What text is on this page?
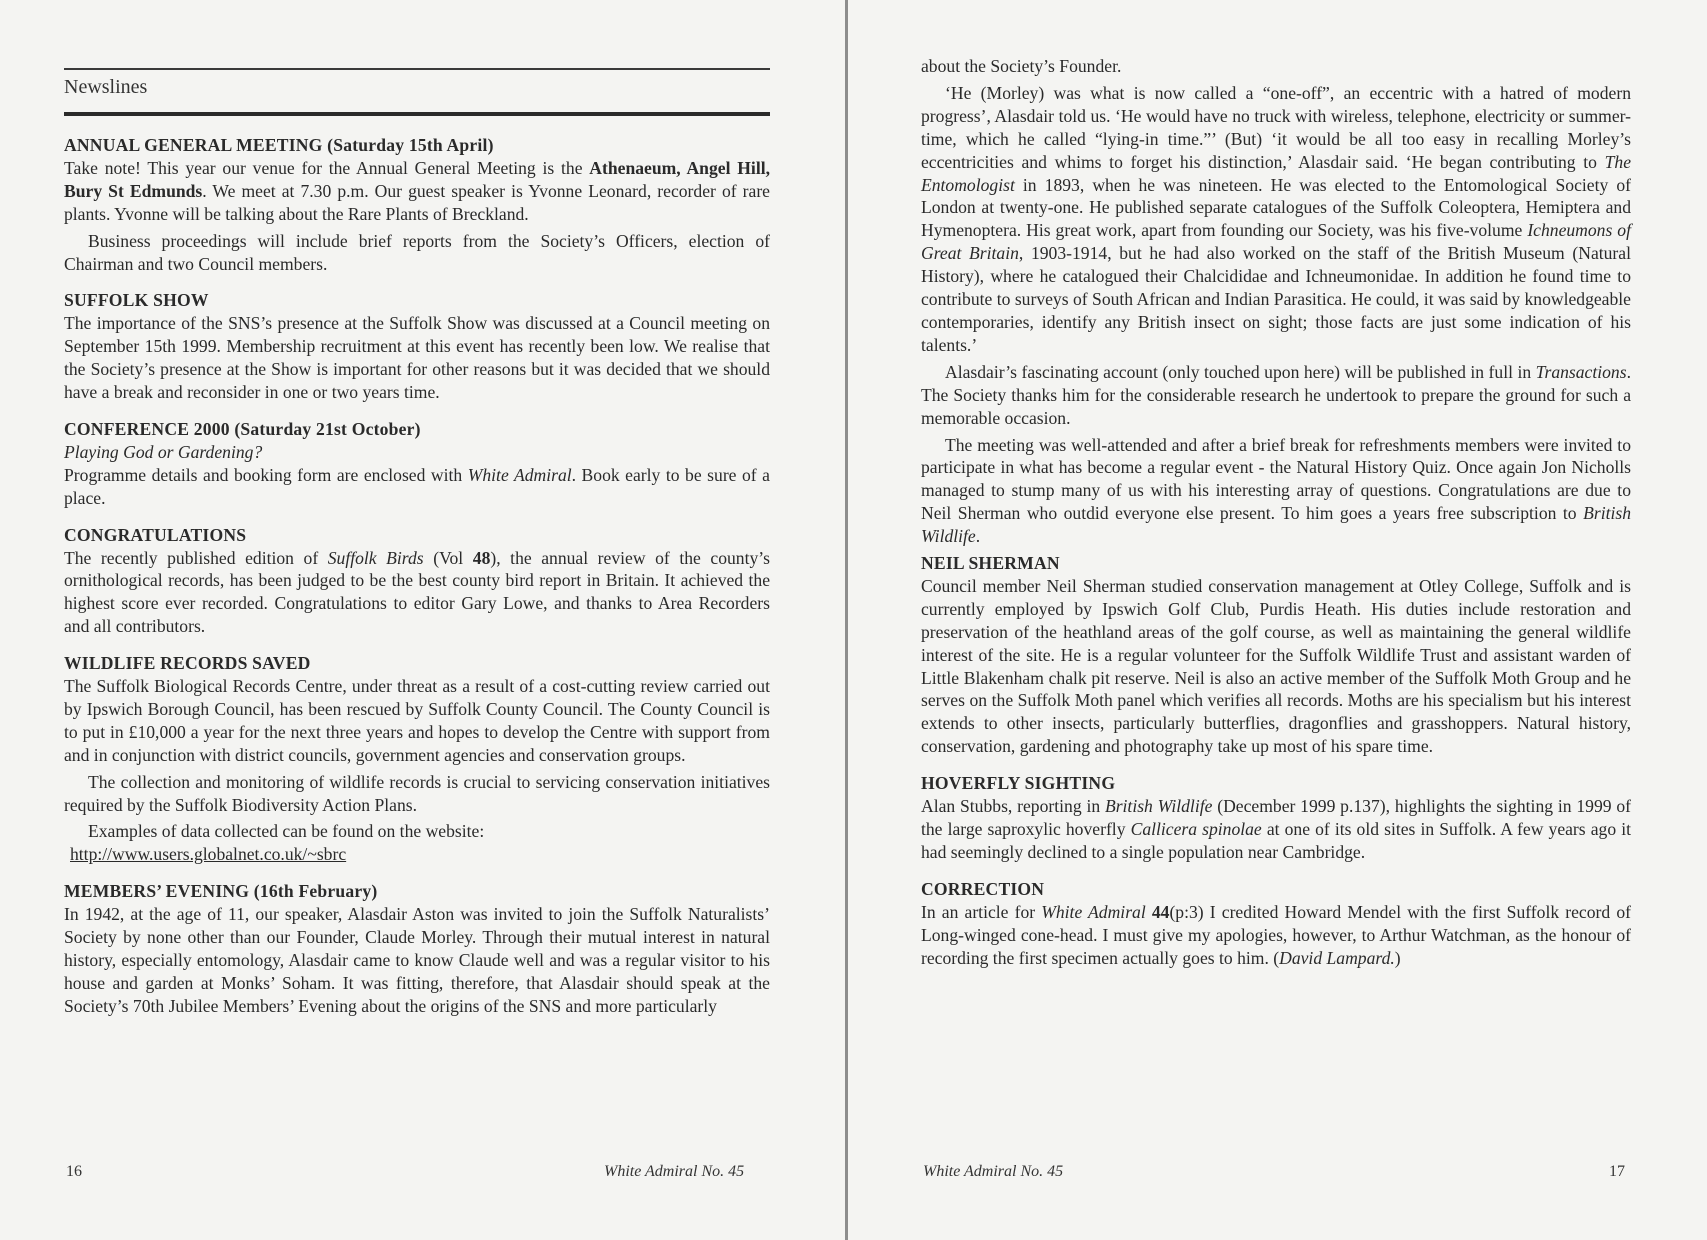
Newslines
ANNUAL GENERAL MEETING (Saturday 15th April)

Take note! This year our venue for the Annual General Meeting is the Athenaeum, Angel Hill, Bury St Edmunds. We meet at 7.30 p.m. Our guest speaker is Yvonne Leonard, recorder of rare plants. Yvonne will be talking about the Rare Plants of Breckland.

Business proceedings will include brief reports from the Society’s Officers, election of Chairman and two Council members.

SUFFOLK SHOW

The importance of the SNS’s presence at the Suffolk Show was discussed at a Council meeting on September 15th 1999. Membership recruitment at this event has recently been low. We realise that the Society’s presence at the Show is important for other reasons but it was decided that we should have a break and reconsider in one or two years time.

CONFERENCE 2000 (Saturday 21st October)

Playing God or Gardening?

Programme details and booking form are enclosed with White Admiral. Book early to be sure of a place.

CONGRATULATIONS

The recently published edition of Suffolk Birds (Vol 48), the annual review of the county’s ornithological records, has been judged to be the best county bird report in Britain. It achieved the highest score ever recorded. Congratulations to editor Gary Lowe, and thanks to Area Recorders and all contributors.

WILDLIFE RECORDS SAVED

The Suffolk Biological Records Centre, under threat as a result of a cost-cutting review carried out by Ipswich Borough Council, has been rescued by Suffolk County Council. The County Council is to put in £10,000 a year for the next three years and hopes to develop the Centre with support from and in conjunction with district councils, government agencies and conservation groups.

The collection and monitoring of wildlife records is crucial to servicing conservation initiatives required by the Suffolk Biodiversity Action Plans.

Examples of data collected can be found on the website:

http://www.users.globalnet.co.uk/~sbrc
MEMBERS’ EVENING (16th February)

In 1942, at the age of 11, our speaker, Alasdair Aston was invited to join the Suffolk Naturalists’ Society by none other than our Founder, Claude Morley. Through their mutual interest in natural history, especially entomology, Alasdair came to know Claude well and was a regular visitor to his house and garden at Monks’ Soham. It was fitting, therefore, that Alasdair should speak at the Society’s 70th Jubilee Members’ Evening about the origins of the SNS and more particularly

16	White Admiral No. 45

about the Society’s Founder.

‘He (Morley) was what is now called a “one-off”, an eccentric with a hatred of modern progress’, Alasdair told us. ‘He would have no truck with wireless, telephone, electricity or summer-time, which he called “lying-in time.”’ (But) ‘it would be all too easy in recalling Morley’s eccentricities and whims to forget his distinction,’ Alasdair said. ‘He began contributing to The Entomologist in 1893, when he was nineteen. He was elected to the Entomological Society of London at twenty-one. He published separate catalogues of the Suffolk Coleoptera, Hemiptera and Hymenoptera. His great work, apart from founding our Society, was his five-volume Ichneumons of Great Britain, 1903-1914, but he had also worked on the staff of the British Museum (Natural History), where he catalogued their Chalcididae and Ichneumonidae. In addition he found time to contribute to surveys of South African and Indian Parasitica. He could, it was said by knowledgeable contemporaries, identify any British insect on sight; those facts are just some indication of his talents.’

Alasdair’s fascinating account (only touched upon here) will be published in full in Transactions. The Society thanks him for the considerable research he undertook to prepare the ground for such a memorable occasion.

The meeting was well-attended and after a brief break for refreshments members were invited to participate in what has become a regular event - the Natural History Quiz. Once again Jon Nicholls managed to stump many of us with his interesting array of questions. Congratulations are due to Neil Sherman who outdid everyone else present. To him goes a years free subscription to British Wildlife.

NEIL SHERMAN

Council member Neil Sherman studied conservation management at Otley College, Suffolk and is currently employed by Ipswich Golf Club, Purdis Heath. His duties include restoration and preservation of the heathland areas of the golf course, as well as maintaining the general wildlife interest of the site. He is a regular volunteer for the Suffolk Wildlife Trust and assistant warden of Little Blakenham chalk pit reserve. Neil is also an active member of the Suffolk Moth Group and he serves on the Suffolk Moth panel which verifies all records. Moths are his specialism but his interest extends to other insects, particularly butterflies, dragonflies and grasshoppers. Natural history, conservation, gardening and photography take up most of his spare time.

HOVERFLY SIGHTING

Alan Stubbs, reporting in British Wildlife (December 1999 p.137), highlights the sighting in 1999 of the large saproxylic hoverfly Callicera spinolae at one of its old sites in Suffolk. A few years ago it had seemingly declined to a single population near Cambridge.

CORRECTION

In an article for White Admiral 44(p:3) I credited Howard Mendel with the first Suffolk record of Long-winged cone-head. I must give my apologies, however, to Arthur Watchman, as the honour of recording the first specimen actually goes to him. (David Lampard.)

White Admiral No. 45	17
